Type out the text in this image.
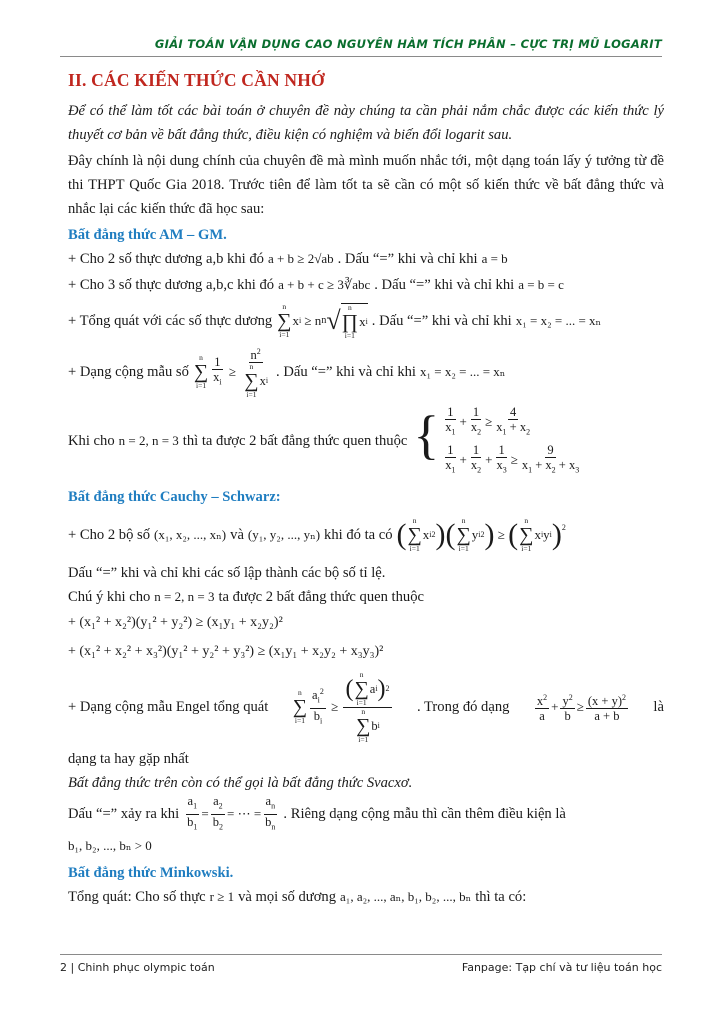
GIẢI TOÁN VẬN DỤNG CAO NGUYÊN HÀM TÍCH PHÂN – CỰC TRỊ MŨ LOGARIT
II. CÁC KIẾN THỨC CẦN NHỚ

Để có thể làm tốt các bài toán ở chuyên đề này chúng ta cần phải nắm chắc được các kiến thức lý thuyết cơ bản về bất đẳng thức, điều kiện có nghiệm và biến đổi logarit sau.

Đây chính là nội dung chính của chuyên đề mà mình muốn nhắc tới, một dạng toán lấy ý tưởng từ đề thi THPT Quốc Gia 2018. Trước tiên để làm tốt ta sẽ cần có một số kiến thức về bất đẳng thức và nhắc lại các kiến thức đã học sau:

Bất đẳng thức AM – GM.
+ Cho 2 số thực dương a,b khi đó a + b ≥ 2√ab . Dấu “=” khi và chỉ khi a = b
+ Cho 3 số thực dương a,b,c khi đó a + b + c ≥ 3∛abc . Dấu “=” khi và chỉ khi a = b = c
+ Tổng quát với các số thực dương
n
∑
i=1
x i ≥ n n √ n
∏
i=1
x i . Dấu “=” khi và chỉ khi x₁ = x₂ = ... = xₙ
+ Dạng cộng mẫu số
n
∑
$i=1 \frac{1}{x_i} \ge n^2$
n
∑
i=1
x i . Dấu “=” khi và chỉ khi x₁ = x₂ = ... = xₙ
Khi cho n = 2, n = 3 thì ta được 2 bất đẳng thức quen thuộc { $\frac{1}{x_1} + \frac{1}{x_2} \ge \frac{4}{x_1 + x_2}$
$\frac{1}{x_1} + \frac{1}{x_2} + \frac{1}{x_3} \ge \frac{9}{x_1 + x_2 + x_3}$
Bất đẳng thức Cauchy – Schwarz:
+ Cho 2 bộ số (x₁, x₂, ..., xₙ) và (y₁, y₂, ..., yₙ) khi đó ta có ( n
∑
i=1
x i 2 ) ( n
∑
i=1
y i 2 ) ≥ ( n
∑
i=1
x i y i )$^2$

Dấu “=” khi và chỉ khi các số lập thành các bộ số tỉ lệ.

Chú ý khi cho n = 2, n = 3 ta được 2 bất đẳng thức quen thuộc
+ (x₁² + x₂²)(y₁² + y₂²) ≥ (x₁y₁ + x₂y₂)²
+ (x₁² + x₂² + x₃²)(y₁² + y₂² + y₃²) ≥ (x₁y₁ + x₂y₂ + x₃y₃)²
+ Dạng cộng mẫu Engel tổng quát
n
∑
$i=1 \frac{a_i^2}{b_i}$ ≥ (
n
∑
i=1
a i ) 2
n
∑
i=1
b i . Trong đó dạng $\frac{x^2}{a} + \frac{y^2}{b} \ge \frac{(x + y)^2}{a + b}$ là

dạng ta hay gặp nhất

Bất đẳng thức trên còn có thể gọi là bất đẳng thức Svacxơ.

Dấu “=” xảy ra khi $\frac{a_1}{b_1} = \frac{a_2}{b_2}$ = ⋯ = $\frac{a_n}{b_n}$ . Riêng dạng cộng mẫu thì cần thêm điều kiện là
b₁, b₂, ..., bₙ > 0
Bất đẳng thức Minkowski.
Tổng quát: Cho số thực r ≥ 1 và mọi số dương a₁, a₂, ..., aₙ, b₁, b₂, ..., bₙ thì ta có:
2 | Chinh phục olympic toán	Fanpage: Tạp chí và tư liệu toán học
